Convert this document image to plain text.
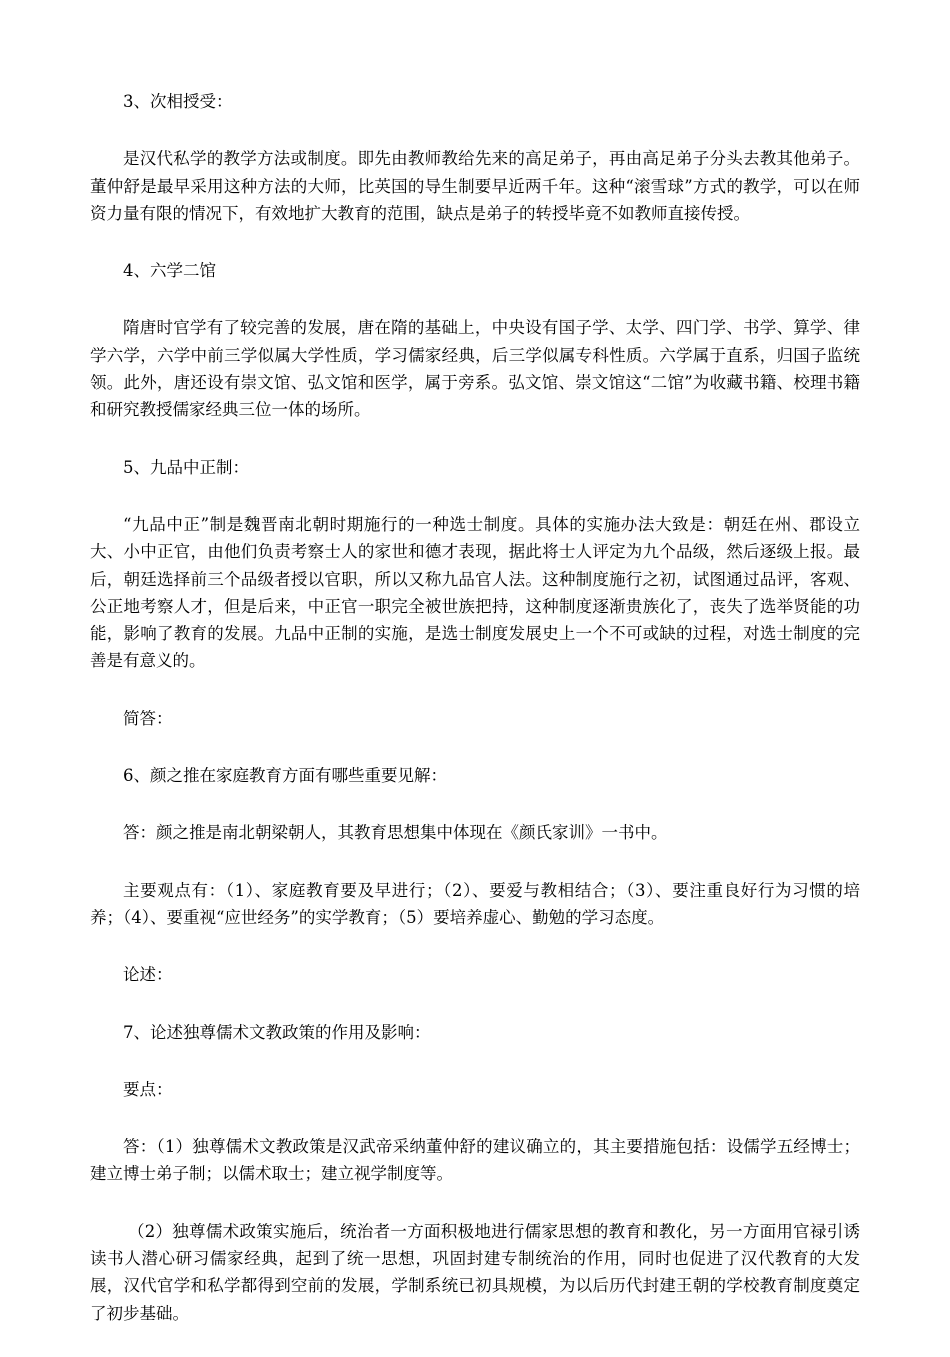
3、次相授受：

是汉代私学的教学方法或制度。即先由教师教给先来的高足弟子，再由高足弟子分头去教其他弟子。董仲舒是最早采用这种方法的大师，比英国的导生制要早近两千年。这种“滚雪球”方式的教学，可以在师资力量有限的情况下，有效地扩大教育的范围，缺点是弟子的转授毕竟不如教师直接传授。

4、六学二馆

隋唐时官学有了较完善的发展，唐在隋的基础上，中央设有国子学、太学、四门学、书学、算学、律学六学，六学中前三学似属大学性质，学习儒家经典，后三学似属专科性质。六学属于直系，归国子监统领。此外，唐还设有崇文馆、弘文馆和医学，属于旁系。弘文馆、崇文馆这“二馆”为收藏书籍、校理书籍和研究教授儒家经典三位一体的场所。

5、九品中正制：

“九品中正”制是魏晋南北朝时期施行的一种选士制度。具体的实施办法大致是：朝廷在州、郡设立大、小中正官，由他们负责考察士人的家世和德才表现，据此将士人评定为九个品级，然后逐级上报。最后，朝廷选择前三个品级者授以官职，所以又称九品官人法。这种制度施行之初，试图通过品评，客观、公正地考察人才，但是后来，中正官一职完全被世族把持，这种制度逐渐贵族化了，丧失了选举贤能的功能，影响了教育的发展。九品中正制的实施，是选士制度发展史上一个不可或缺的过程，对选士制度的完善是有意义的。

简答：

6、颜之推在家庭教育方面有哪些重要见解：

答：颜之推是南北朝梁朝人，其教育思想集中体现在《颜氏家训》一书中。

主要观点有：（1）、家庭教育要及早进行；（2）、要爱与教相结合；（3）、要注重良好行为习惯的培养；（4）、要重视“应世经务”的实学教育；（5）要培养虚心、勤勉的学习态度。

论述：

7、论述独尊儒术文教政策的作用及影响：

要点：

答：（1）独尊儒术文教政策是汉武帝采纳董仲舒的建议确立的，其主要措施包括：设儒学五经博士；建立博士弟子制；以儒术取士；建立视学制度等。

（2）独尊儒术政策实施后，统治者一方面积极地进行儒家思想的教育和教化，另一方面用官禄引诱读书人潜心研习儒家经典，起到了统一思想，巩固封建专制统治的作用，同时也促进了汉代教育的大发展，汉代官学和私学都得到空前的发展，学制系统已初具规模，为以后历代封建王朝的学校教育制度奠定了初步基础。
